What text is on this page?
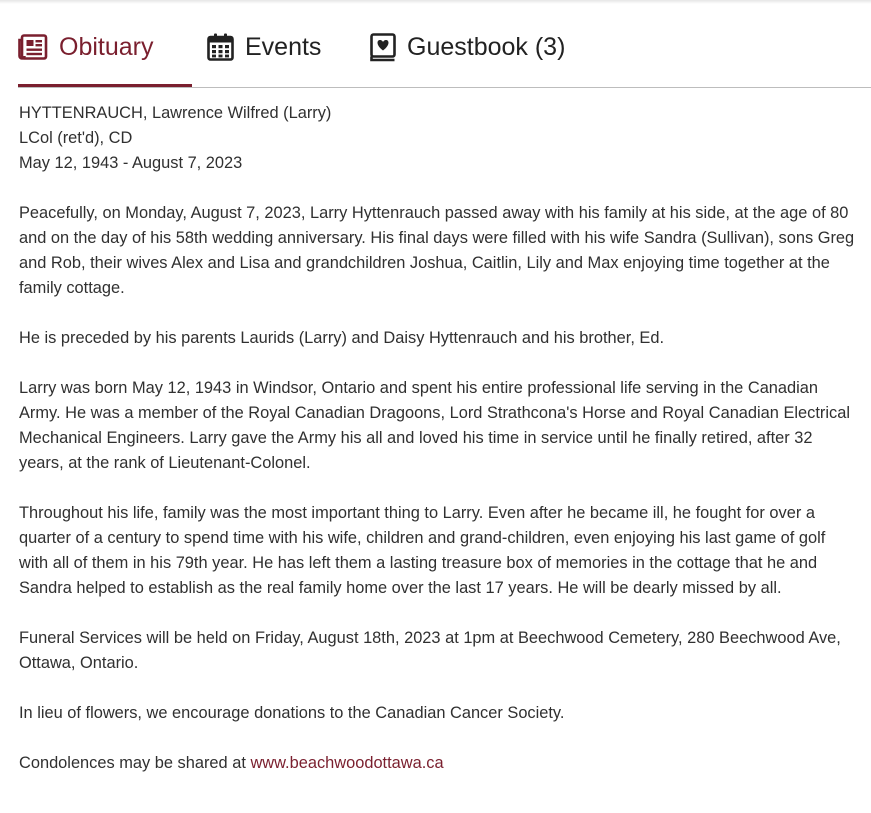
Obituary	Events	Guestbook (3)

HYTTENRAUCH, Lawrence Wilfred (Larry)
LCol (ret'd), CD
May 12, 1943 - August 7, 2023

Peacefully, on Monday, August 7, 2023, Larry Hyttenrauch passed away with his family at his side, at the age of 80 and on the day of his 58th wedding anniversary. His final days were filled with his wife Sandra (Sullivan), sons Greg and Rob, their wives Alex and Lisa and grandchildren Joshua, Caitlin, Lily and Max enjoying time together at the family cottage.

He is preceded by his parents Laurids (Larry) and Daisy Hyttenrauch and his brother, Ed.

Larry was born May 12, 1943 in Windsor, Ontario and spent his entire professional life serving in the Canadian Army. He was a member of the Royal Canadian Dragoons, Lord Strathcona's Horse and Royal Canadian Electrical Mechanical Engineers. Larry gave the Army his all and loved his time in service until he finally retired, after 32 years, at the rank of Lieutenant-Colonel.

Throughout his life, family was the most important thing to Larry. Even after he became ill, he fought for over a quarter of a century to spend time with his wife, children and grand-children, even enjoying his last game of golf with all of them in his 79th year. He has left them a lasting treasure box of memories in the cottage that he and Sandra helped to establish as the real family home over the last 17 years. He will be dearly missed by all.

Funeral Services will be held on Friday, August 18th, 2023 at 1pm at Beechwood Cemetery, 280 Beechwood Ave, Ottawa, Ontario.

In lieu of flowers, we encourage donations to the Canadian Cancer Society.

Condolences may be shared at www.beachwoodottawa.ca
